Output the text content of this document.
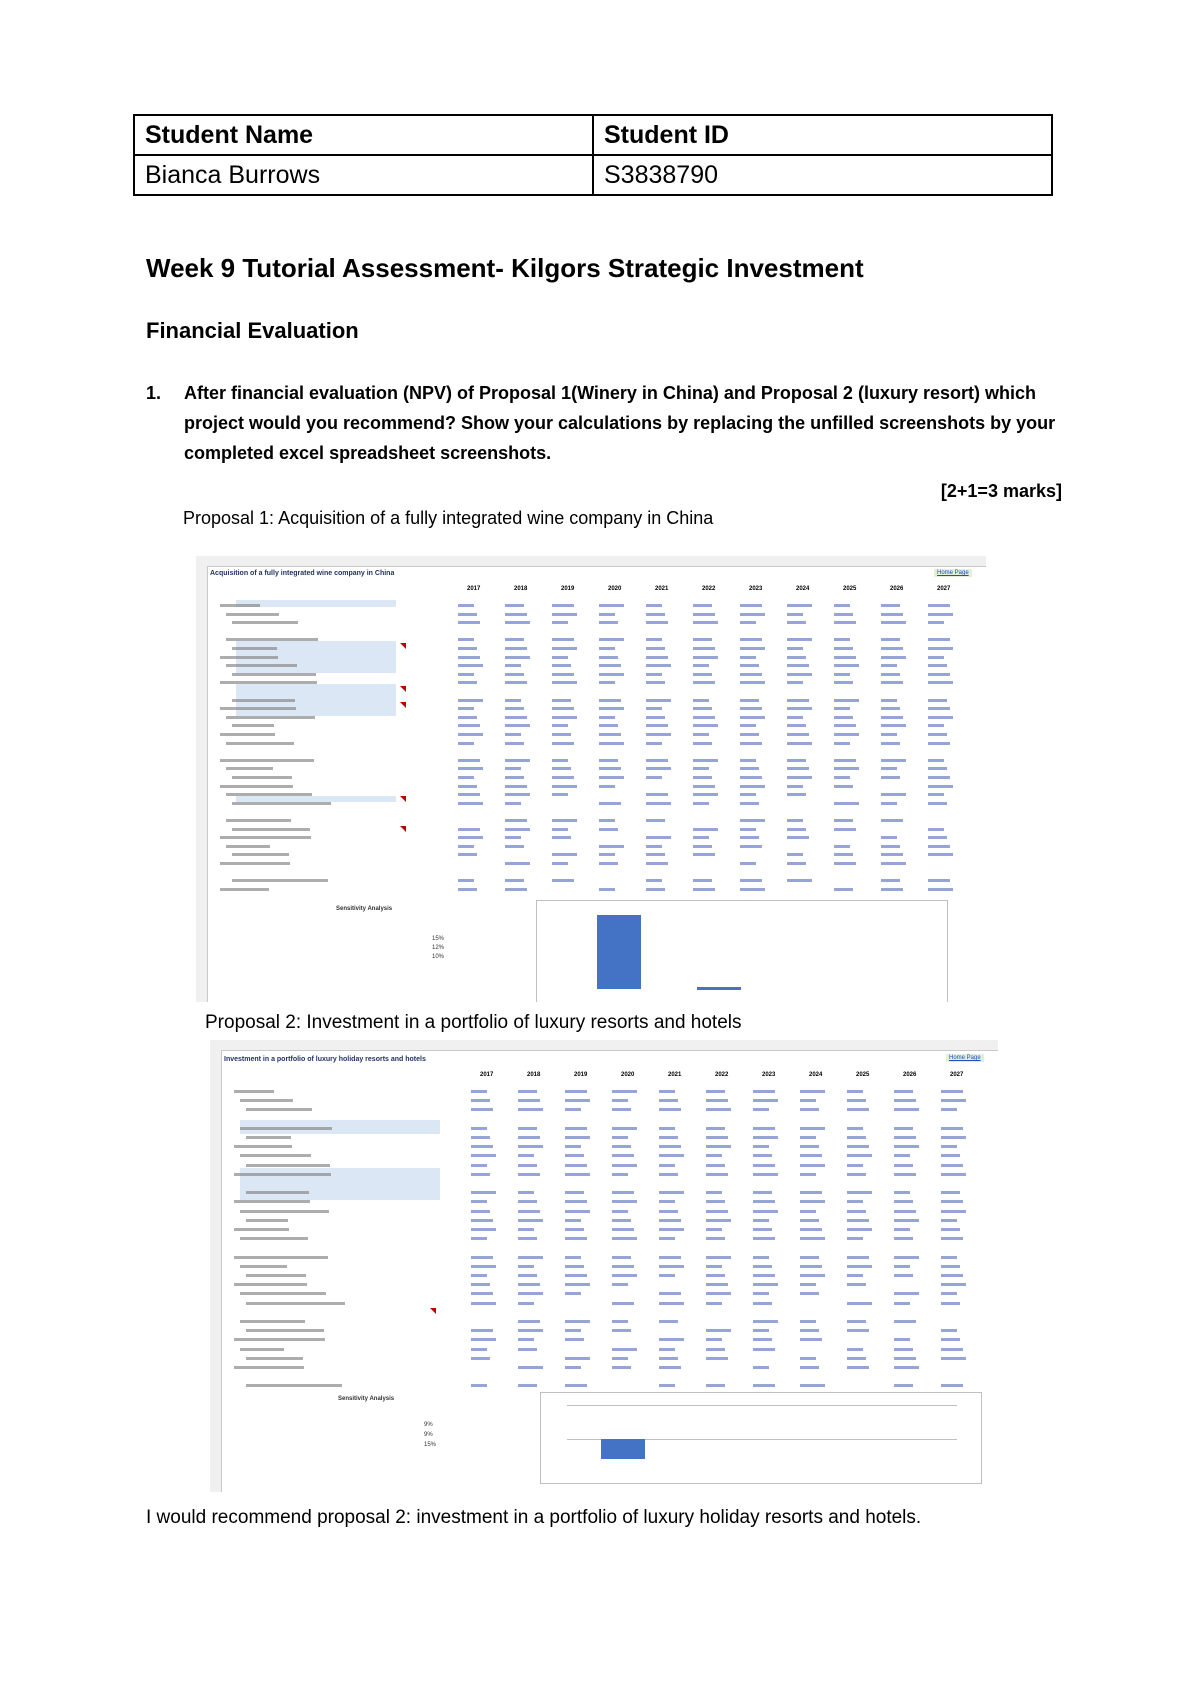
Student Name	Student ID
Bianca Burrows	S3838790
Week 9 Tutorial Assessment- Kilgors Strategic Investment
Financial Evaluation
1. After financial evaluation (NPV) of Proposal 1(Winery in China) and Proposal 2 (luxury resort) which project would you recommend? Show your calculations by replacing the unfilled screenshots by your completed excel spreadsheet screenshots.
[2+1=3 marks]
Proposal 1: Acquisition of a fully integrated wine company in China
Acquisition of a fully integrated wine company in China	Home Page
2017	2018	2019	2020	2021	2022	2023	2024	2025	2026	2027
Sensitivity Analysis
15%
12%
10%
Proposal 2: Investment in a portfolio of luxury resorts and hotels
Investment in a portfolio of luxury holiday resorts and hotels	Home Page
2017	2018	2019	2020	2021	2022	2023	2024	2025	2026	2027
Sensitivity Analysis
9%
9%
15%
I would recommend proposal 2: investment in a portfolio of luxury holiday resorts and hotels.
